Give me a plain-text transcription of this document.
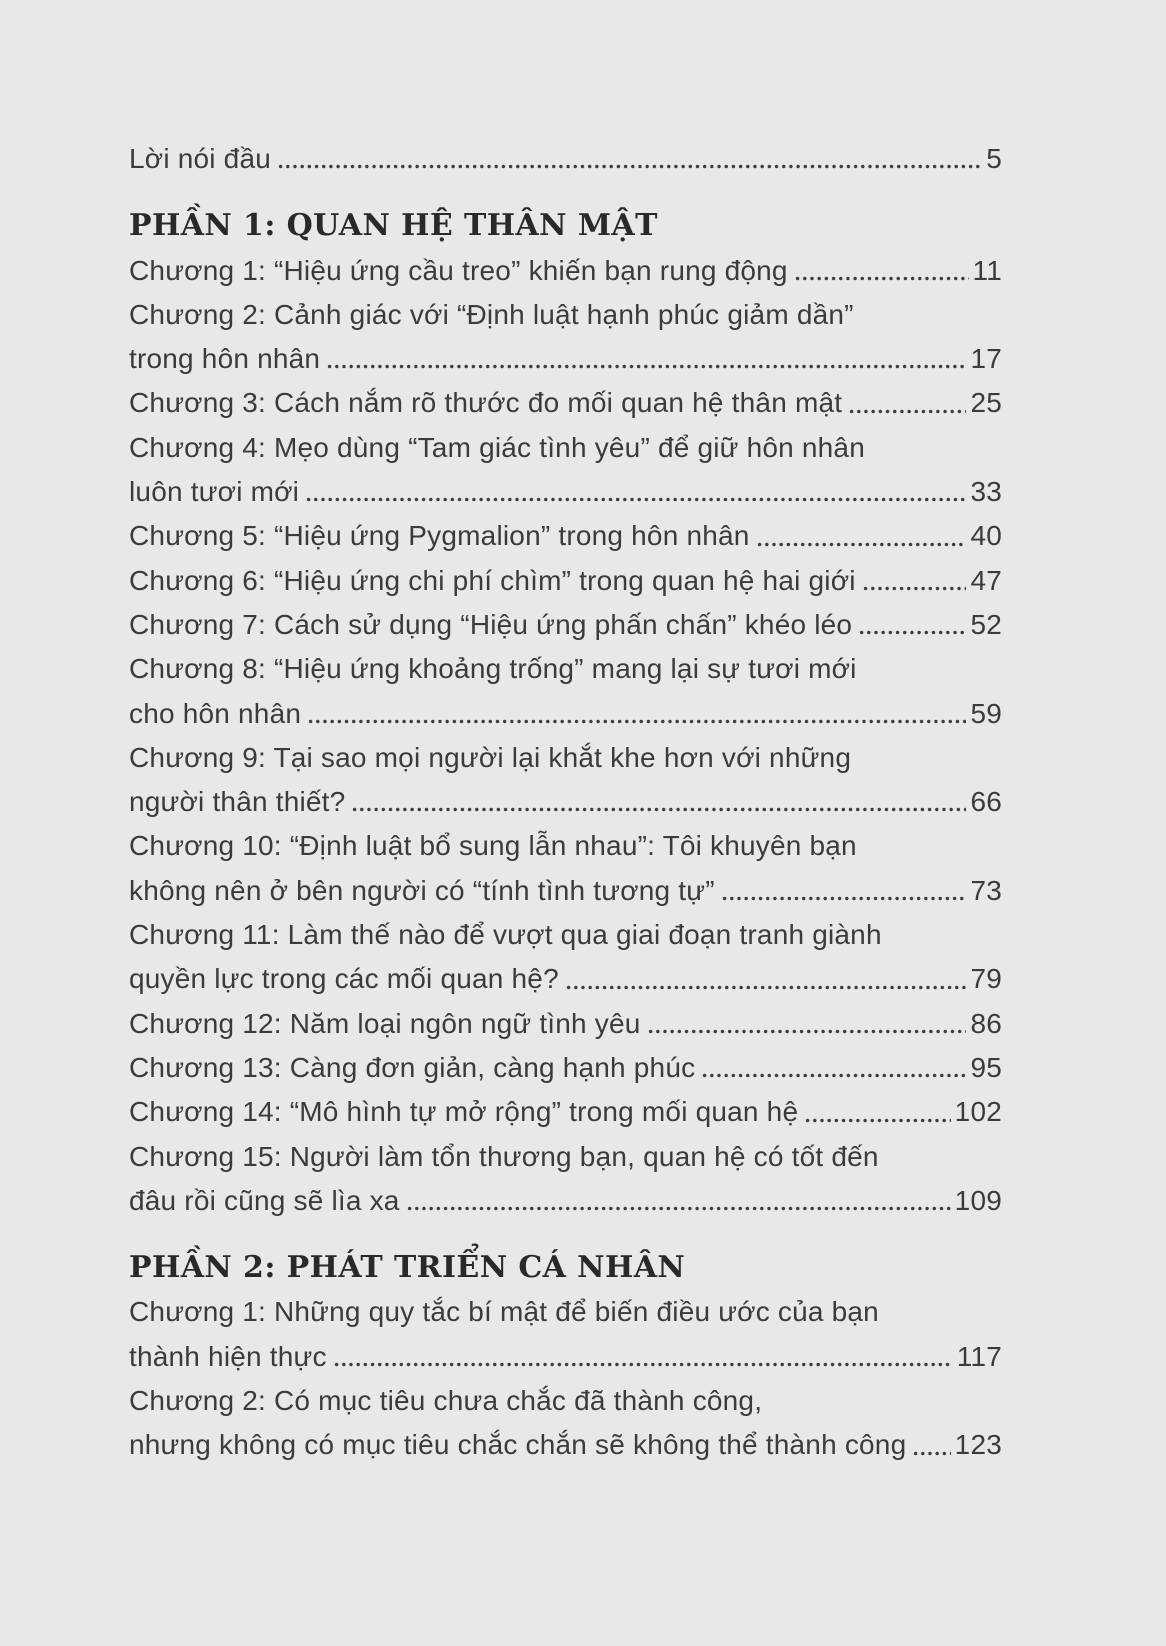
Lời nói đầu	5
PHẦN 1: QUAN HỆ THÂN MẬT
Chương 1: “Hiệu ứng cầu treo” khiến bạn rung động	11
Chương 2: Cảnh giác với “Định luật hạnh phúc giảm dần”
trong hôn nhân	17
Chương 3: Cách nắm rõ thước đo mối quan hệ thân mật	25
Chương 4: Mẹo dùng “Tam giác tình yêu” để giữ hôn nhân
luôn tươi mới	33
Chương 5: “Hiệu ứng Pygmalion” trong hôn nhân	40
Chương 6: “Hiệu ứng chi phí chìm” trong quan hệ hai giới	47
Chương 7: Cách sử dụng “Hiệu ứng phấn chấn” khéo léo	52
Chương 8: “Hiệu ứng khoảng trống” mang lại sự tươi mới
cho hôn nhân	59
Chương 9: Tại sao mọi người lại khắt khe hơn với những
người thân thiết?	66
Chương 10: “Định luật bổ sung lẫn nhau”: Tôi khuyên bạn
không nên ở bên người có “tính tình tương tự”	73
Chương 11: Làm thế nào để vượt qua giai đoạn tranh giành
quyền lực trong các mối quan hệ?	79
Chương 12: Năm loại ngôn ngữ tình yêu	86
Chương 13: Càng đơn giản, càng hạnh phúc	95
Chương 14: “Mô hình tự mở rộng” trong mối quan hệ	102
Chương 15: Người làm tổn thương bạn, quan hệ có tốt đến
đâu rồi cũng sẽ lìa xa	109
PHẦN 2: PHÁT TRIỂN CÁ NHÂN
Chương 1: Những quy tắc bí mật để biến điều ước của bạn
thành hiện thực	117
Chương 2: Có mục tiêu chưa chắc đã thành công,
nhưng không có mục tiêu chắc chắn sẽ không thể thành công 123
